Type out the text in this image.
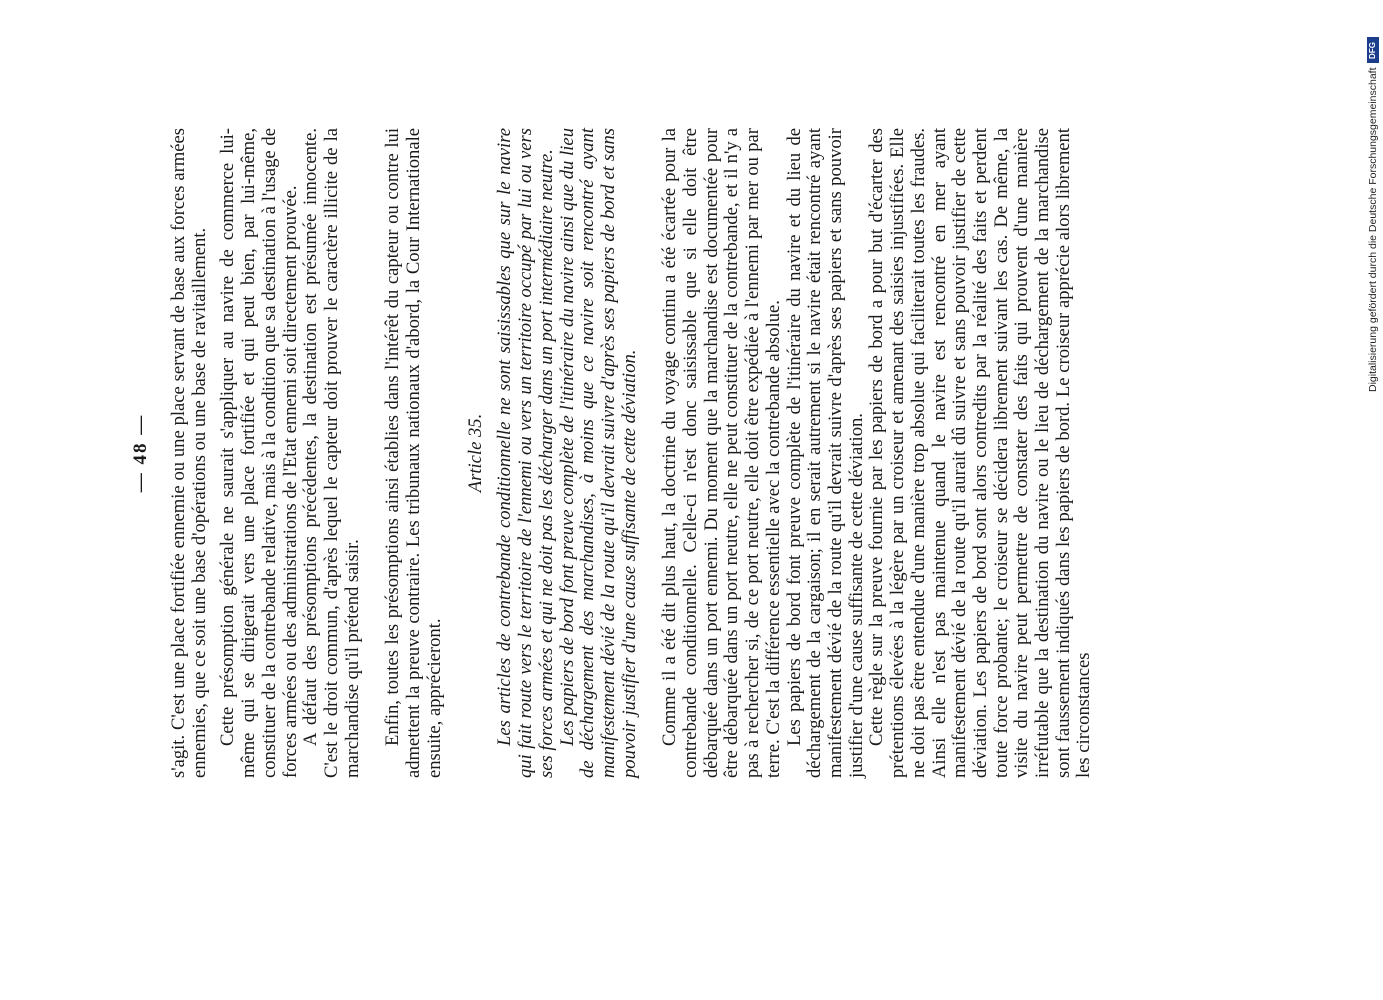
— 48 — s'agit. C'est une place fortifiée ennemie ou une place servant de base aux forces armées ennemies, que ce soit une base d'opérations ou une base de ravitaillement. Cette présomption générale ne saurait s'appliquer au navire de commerce lui-même qui se dirigerait vers une place fortifiée et qui peut bien, par lui-même, constituer de la contrebande relative, mais à la condition que sa destination à l'usage de forces armées ou des administrations de l'Etat ennemi soit directement prouvée. A défaut des présomptions précédentes, la destination est présumée innocente. C'est le droit commun, d'après lequel le capteur doit prouver le caractère illicite de la marchandise qu'il prétend saisir. Enfin, toutes les présomptions ainsi établies dans l'intérêt du capteur ou contre lui admettent la preuve contraire. Les tribunaux nationaux d'abord, la Cour Internationale ensuite, apprécieront.

Article 35. Les articles de contrebande conditionnelle ne sont saisissables que sur le navire qui fait route vers le territoire de l'ennemi ou vers un territoire occupé par lui ou vers ses forces armées et qui ne doit pas les décharger dans un port intermédiaire neutre. Les papiers de bord font preuve complète de l'itinéraire du navire ainsi que du lieu de déchargement des marchandises, à moins que ce navire soit rencontré ayant manifestement dévié de la route qu'il devrait suivre d'après ses papiers de bord et sans pouvoir justifier d'une cause suffisante de cette déviation. Comme il a été dit plus haut, la doctrine du voyage continu a été écartée pour la contrebande conditionnelle. Celle-ci n'est donc saisissable que si elle doit être débarquée dans un port ennemi. Du moment que la marchandise est documentée pour être débarquée dans un port neutre, elle ne peut constituer de la contrebande, et il n'y a pas à rechercher si, de ce port neutre, elle doit être expédiée à l'ennemi par mer ou par terre. C'est la différence essentielle avec la contrebande absolue. Les papiers de bord font preuve complète de l'itinéraire du navire et du lieu de déchargement de la cargaison; il en serait autrement si le navire était rencontré ayant manifestement dévié de la route qu'il devrait suivre d'après ses papiers et sans pouvoir justifier d'une cause suffisante de cette déviation. Cette règle sur la preuve fournie par les papiers de bord a pour but d'écarter des prétentions élevées à la légère par un croiseur et amenant des saisies injustifiées. Elle ne doit pas être entendue d'une manière trop absolue qui faciliterait toutes les fraudes. Ainsi elle n'est pas maintenue quand le navire est rencontré en mer ayant manifestement dévié de la route qu'il aurait dû suivre et sans pouvoir justifier de cette déviation. Les papiers de bord sont alors contredits par la réalité des faits et perdent toute force probante; le croiseur se décidera librement suivant les cas. De même, la visite du navire peut permettre de constater des faits qui prouvent d'une manière irréfutable que la destination du navire ou le lieu de déchargement de la marchandise sont faussement indiqués dans les papiers de bord. Le croiseur apprécie alors librement les circonstances

Digitalisierung gefördert durch die Deutsche Forschungsgemeinschaft
DFG
